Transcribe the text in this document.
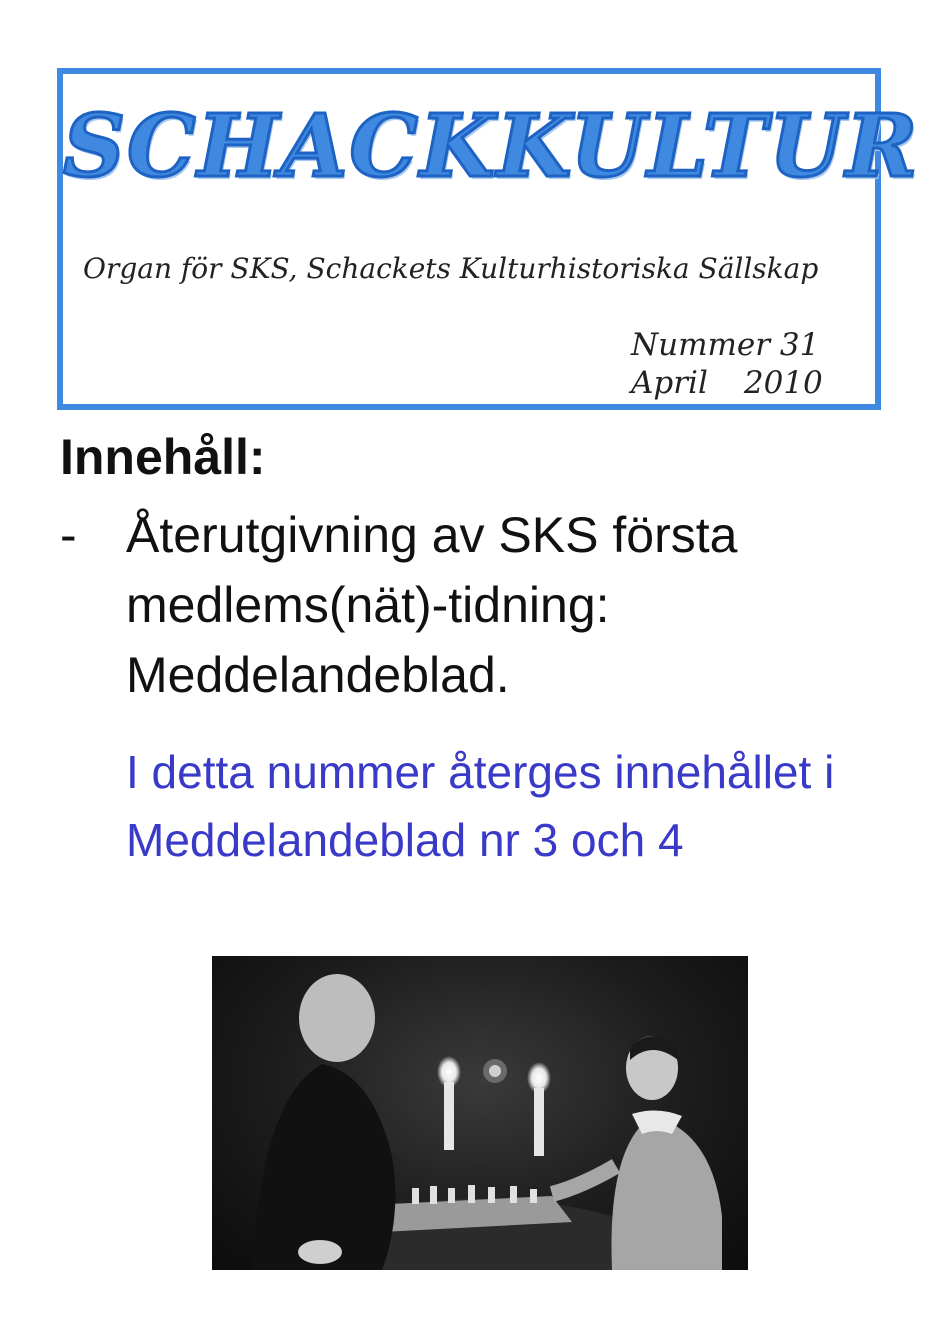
SCHACKKULTUR
Organ för SKS, Schackets Kulturhistoriska Sällskap
Nummer 31
April 2010
Innehåll:
- Återutgivning av SKS första medlems(nät)-tidning: Meddelandeblad.
I detta nummer återges innehållet i Meddelandeblad nr 3 och 4
